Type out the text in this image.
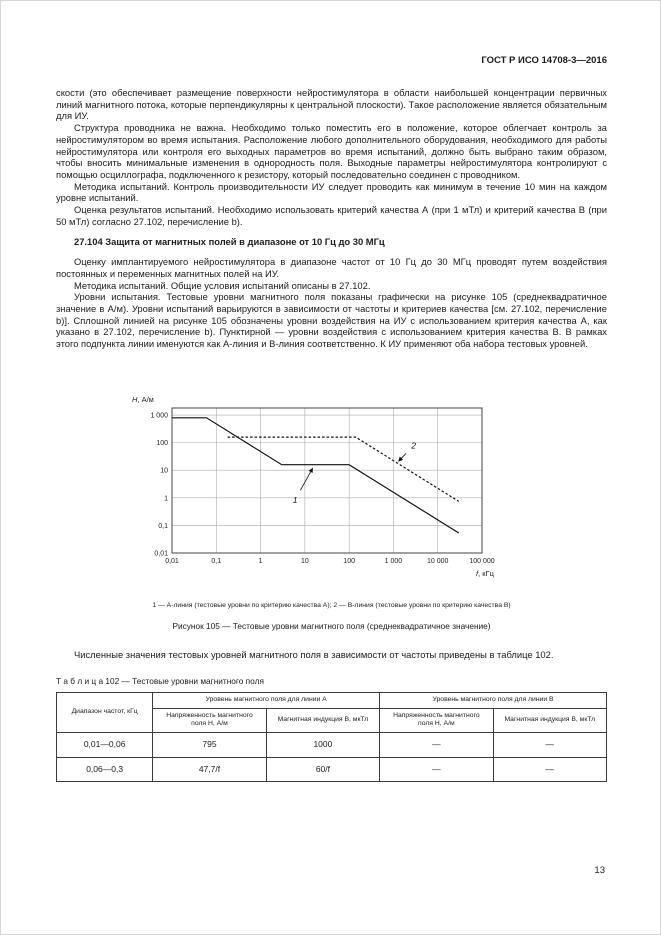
ГОСТ Р ИСО 14708-3—2016

скости (это обеспечивает размещение поверхности нейростимулятора в области наибольшей концентрации первичных линий магнитного потока, которые перпендикулярны к центральной плоскости). Такое расположение является обязательным для ИУ.

Структура проводника не важна. Необходимо только поместить его в положение, которое облегчает контроль за нейростимулятором во время испытания. Расположение любого дополнительного оборудования, необходимого для работы нейростимулятора или контроля его выходных параметров во время испытаний, должно быть выбрано таким образом, чтобы вносить минимальные изменения в однородность поля. Выходные параметры нейростимулятора контролируют с помощью осциллографа, подключенного к резистору, который последовательно соединен с проводником.

Методика испытаний. Контроль производительности ИУ следует проводить как минимум в течение 10 мин на каждом уровне испытаний.

Оценка результатов испытаний. Необходимо использовать критерий качества А (при 1 мТл) и критерий качества В (при 50 мТл) согласно 27.102, перечисление b).

27.104 Защита от магнитных полей в диапазоне от 10 Гц до 30 МГц

Оценку имплантируемого нейростимулятора в диапазоне частот от 10 Гц до 30 МГц проводят путем воздействия постоянных и переменных магнитных полей на ИУ.

Методика испытаний. Общие условия испытаний описаны в 27.102.

Уровни испытания. Тестовые уровни магнитного поля показаны графически на рисунке 105 (среднеквадратичное значение в А/м). Уровни испытаний варьируются в зависимости от частоты и критериев качества [см. 27.102, перечисление b)]. Сплошной линией на рисунке 105 обозначены уровни воздействия на ИУ с использованием критерия качества А, как указано в 27.102, перечисление b). Пунктирной — уровни воздействия с использованием критерия качества В. В рамках этого подпункта линии именуются как А-линия и В-линия соответственно. К ИУ применяют оба набора тестовых уровней.

0,01	0,1	1	10	100	1 000	10 000	100 000
0,01
0,1
1
10
100
1 000
H, А/м
f, кГц
1
2
1 — А-линия (тестовые уровни по критерию качества А); 2 — В-линия (тестовые уровни по критерию качества В)
Рисунок 105 — Тестовые уровни магнитного поля (среднеквадратичное значение)

Численные значения тестовых уровней магнитного поля в зависимости от частоты приведены в таблице 102.

Т а б л и ц а 102 — Тестовые уровни магнитного поля
Диапазон частот, кГц	Уровень магнитного поля для линии А		Уровень магнитного поля для линии В	
	Напряженность магнитного поля Н, А/м	Магнитная индукция В, мкТл	Напряженность магнитного поля Н, А/м	Магнитная индукция В, мкТл
0,01—0,06	795	1000	—	—
0,06—0,3	47,7/f	60/f	—	—
13
